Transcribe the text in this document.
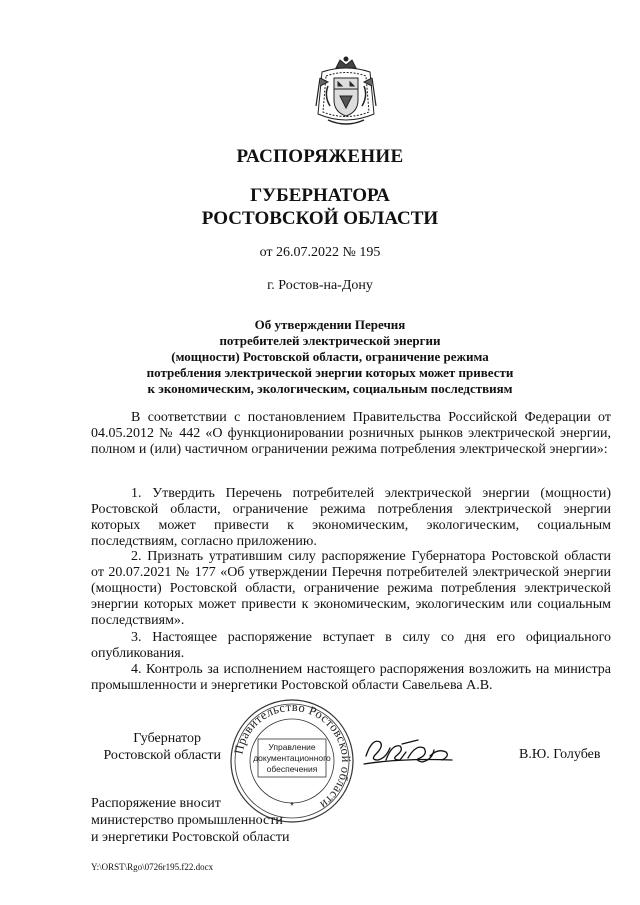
РАСПОРЯЖЕНИЕ
ГУБЕРНАТОРА
РОСТОВСКОЙ ОБЛАСТИ
от 26.07.2022 № 195
г. Ростов-на-Дону
Об утверждении Перечня
потребителей электрической энергии
(мощности) Ростовской области, ограничение режима
потребления электрической энергии которых может привести
к экономическим, экологическим, социальным последствиям
В соответствии с постановлением Правительства Российской Федерации от 04.05.2012 № 442 «О функционировании розничных рынков электрической энергии, полном и (или) частичном ограничении режима потребления электрической энергии»:
1. Утвердить Перечень потребителей электрической энергии (мощности) Ростовской области, ограничение режима потребления электрической энергии которых может привести к экономическим, экологическим, социальным последствиям, согласно приложению.
2. Признать утратившим силу распоряжение Губернатора Ростовской области от 20.07.2021 № 177 «Об утверждении Перечня потребителей электрической энергии (мощности) Ростовской области, ограничение режима потребления электрической энергии которых может привести к экономическим, экологическим или социальным последствиям».
3. Настоящее распоряжение вступает в силу со дня его официального опубликования.
4. Контроль за исполнением настоящего распоряжения возложить на министра промышленности и энергетики Ростовской области Савельева А.В.
Губернатор
Ростовской области Правительство Ростовской области
Управление
документационного
обеспечения
*
В.Ю. Голубев
Распоряжение вносит
министерство промышленности
и энергетики Ростовской области
Y:\ORST\Rgo\0726r195.f22.docx
